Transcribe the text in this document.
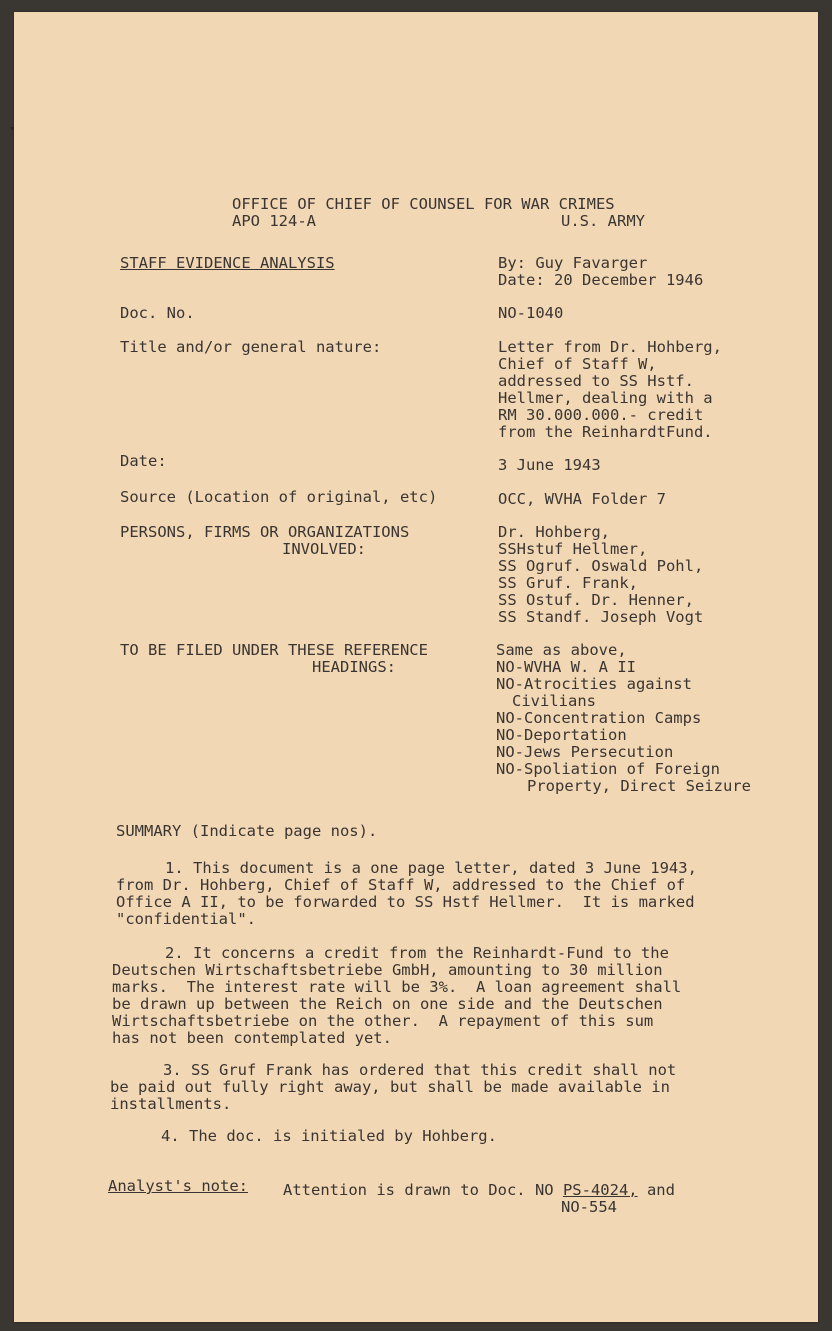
OFFICE OF CHIEF OF COUNSEL FOR WAR CRIMES
APO 124-A	U.S. ARMY
STAFF EVIDENCE ANALYSIS	By: Guy Favarger
Date: 20 December 1946
Doc. No.	NO-1040
Title and/or general nature:	Letter from Dr. Hohberg,
Chief of Staff W,
addressed to SS Hstf.
Hellmer, dealing with a
RM 30.000.000.- credit
from the ReinhardtFund.
Date:	3 June 1943
Source (Location of original, etc)	OCC, WVHA Folder 7
PERSONS, FIRMS OR ORGANIZATIONS
INVOLVED:
Dr. Hohberg,
SSHstuf Hellmer,
SS Ogruf. Oswald Pohl,
SS Gruf. Frank,
SS Ostuf. Dr. Henner,
SS Standf. Joseph Vogt
TO BE FILED UNDER THESE REFERENCE
HEADINGS:
Same as above,
NO-WVHA W. A II
NO-Atrocities against
Civilians
NO-Concentration Camps
NO-Deportation
NO-Jews Persecution
NO-Spoliation of Foreign
Property, Direct Seizure
SUMMARY (Indicate page nos).
1. This document is a one page letter, dated 3 June 1943,
from Dr. Hohberg, Chief of Staff W, addressed to the Chief of
Office A II, to be forwarded to SS Hstf Hellmer.  It is marked
"confidential".
2. It concerns a credit from the Reinhardt-Fund to the
Deutschen Wirtschaftsbetriebe GmbH, amounting to 30 million
marks.  The interest rate will be 3%.  A loan agreement shall
be drawn up between the Reich on one side and the Deutschen
Wirtschaftsbetriebe on the other.  A repayment of this sum
has not been contemplated yet.
3. SS Gruf Frank has ordered that this credit shall not
be paid out fully right away, but shall be made available in
installments.
4. The doc. is initialed by Hohberg.
Analyst's note: Attention is drawn to Doc. NO PS-4024, and
NO-554
